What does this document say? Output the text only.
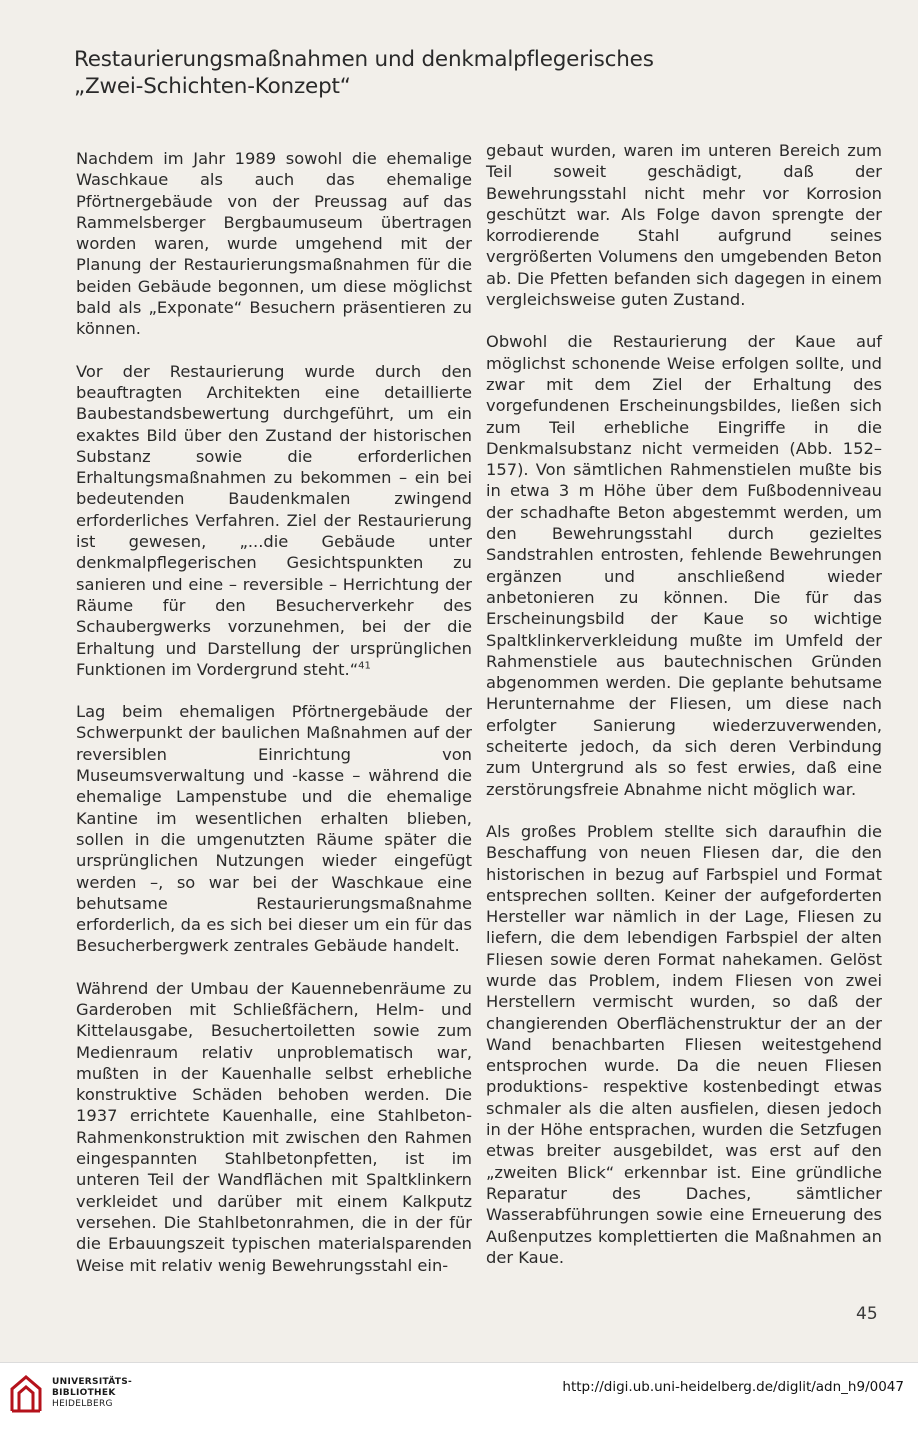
Restaurierungsmaßnahmen und denkmalpflegerisches
„Zwei-Schichten-Konzept“

Nachdem im Jahr 1989 sowohl die ehemalige Waschkaue als auch das ehemalige Pförtnergebäude von der Preussag auf das Rammelsberger Bergbaumuseum übertragen worden waren, wurde umgehend mit der Planung der Restaurierungsmaßnahmen für die beiden Gebäude begonnen, um diese möglichst bald als „Exponate“ Besuchern präsentieren zu können.

Vor der Restaurierung wurde durch den beauftragten Architekten eine detaillierte Baubestandsbewertung durchgeführt, um ein exaktes Bild über den Zustand der historischen Substanz sowie die erforderlichen Erhaltungsmaßnahmen zu bekommen – ein bei bedeutenden Baudenkmalen zwingend erforderliches Verfahren. Ziel der Restaurierung ist gewesen, „...die Gebäude unter denkmalpflegerischen Gesichtspunkten zu sanieren und eine – reversible – Herrichtung der Räume für den Besucherverkehr des Schaubergwerks vorzunehmen, bei der die Erhaltung und Darstellung der ursprünglichen Funktionen im Vordergrund steht.“$^{41}$

Lag beim ehemaligen Pförtnergebäude der Schwerpunkt der baulichen Maßnahmen auf der reversiblen Einrichtung von Museumsverwaltung und -kasse – während die ehemalige Lampenstube und die ehemalige Kantine im wesentlichen erhalten blieben, sollen in die umgenutzten Räume später die ursprünglichen Nutzungen wieder eingefügt werden –, so war bei der Waschkaue eine behutsame Restaurierungsmaßnahme erforderlich, da es sich bei dieser um ein für das Besucherbergwerk zentrales Gebäude handelt.

Während der Umbau der Kauennebenräume zu Garderoben mit Schließfächern, Helm- und Kittelausgabe, Besuchertoiletten sowie zum Medienraum relativ unproblematisch war, mußten in der Kauenhalle selbst erhebliche konstruktive Schäden behoben werden. Die 1937 errichtete Kauenhalle, eine Stahlbeton-Rahmenkonstruktion mit zwischen den Rahmen eingespannten Stahlbetonpfetten, ist im unteren Teil der Wandflächen mit Spaltklinkern verkleidet und darüber mit einem Kalkputz versehen. Die Stahlbetonrahmen, die in der für die Erbauungszeit typischen materialsparenden Weise mit relativ wenig Bewehrungsstahl ein-

gebaut wurden, waren im unteren Bereich zum Teil soweit geschädigt, daß der Bewehrungsstahl nicht mehr vor Korrosion geschützt war. Als Folge davon sprengte der korrodierende Stahl aufgrund seines vergrößerten Volumens den umgebenden Beton ab. Die Pfetten befanden sich dagegen in einem vergleichsweise guten Zustand.

Obwohl die Restaurierung der Kaue auf möglichst schonende Weise erfolgen sollte, und zwar mit dem Ziel der Erhaltung des vorgefundenen Erscheinungsbildes, ließen sich zum Teil erhebliche Eingriffe in die Denkmalsubstanz nicht vermeiden (Abb. 152–157). Von sämtlichen Rahmenstielen mußte bis in etwa 3 m Höhe über dem Fußbodenniveau der schadhafte Beton abgestemmt werden, um den Bewehrungsstahl durch gezieltes Sandstrahlen entrosten, fehlende Bewehrungen ergänzen und anschließend wieder anbetonieren zu können. Die für das Erscheinungsbild der Kaue so wichtige Spaltklinkerverkleidung mußte im Umfeld der Rahmenstiele aus bautechnischen Gründen abgenommen werden. Die geplante behutsame Herunternahme der Fliesen, um diese nach erfolgter Sanierung wiederzuverwenden, scheiterte jedoch, da sich deren Verbindung zum Untergrund als so fest erwies, daß eine zerstörungsfreie Abnahme nicht möglich war.

Als großes Problem stellte sich daraufhin die Beschaffung von neuen Fliesen dar, die den historischen in bezug auf Farbspiel und Format entsprechen sollten. Keiner der aufgeforderten Hersteller war nämlich in der Lage, Fliesen zu liefern, die dem lebendigen Farbspiel der alten Fliesen sowie deren Format nahekamen. Gelöst wurde das Problem, indem Fliesen von zwei Herstellern vermischt wurden, so daß der changierenden Oberflächenstruktur der an der Wand benachbarten Fliesen weitestgehend entsprochen wurde. Da die neuen Fliesen produktions- respektive kostenbedingt etwas schmaler als die alten ausfielen, diesen jedoch in der Höhe entsprachen, wurden die Setzfugen etwas breiter ausgebildet, was erst auf den „zweiten Blick“ erkennbar ist. Eine gründliche Reparatur des Daches, sämtlicher Wasserabführungen sowie eine Erneuerung des Außenputzes komplettierten die Maßnahmen an der Kaue.

45
UNIVERSITÄTS-
BIBLIOTHEK
HEIDELBERG
http://digi.ub.uni-heidelberg.de/diglit/adn_h9/0047
